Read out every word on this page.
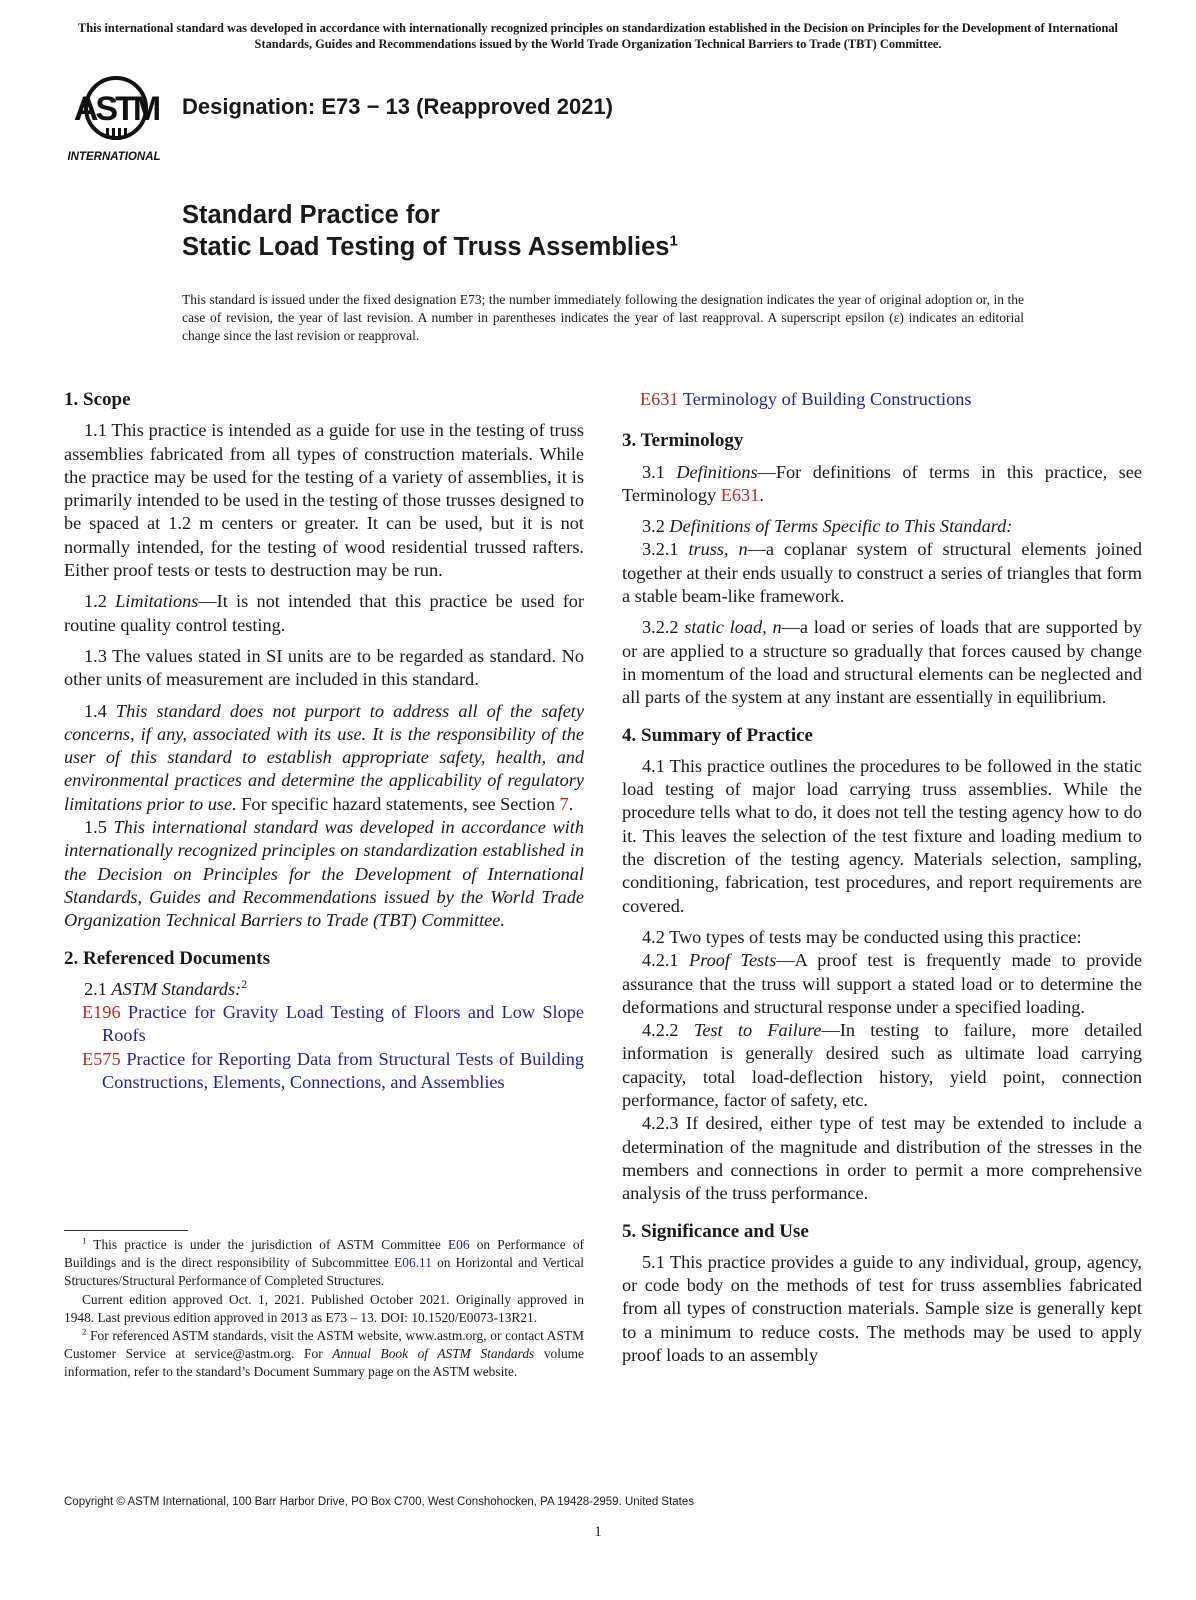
This international standard was developed in accordance with internationally recognized principles on standardization established in the Decision on Principles for the Development of International Standards, Guides and Recommendations issued by the World Trade Organization Technical Barriers to Trade (TBT) Committee.
ASTM
INTERNATIONAL
Designation: E73 − 13 (Reapproved 2021)
Standard Practice for
Static Load Testing of Truss Assemblies$^1$
This standard is issued under the fixed designation E73; the number immediately following the designation indicates the year of original adoption or, in the case of revision, the year of last revision. A number in parentheses indicates the year of last reapproval. A superscript epsilon (ε) indicates an editorial change since the last revision or reapproval.
1. Scope

1.1 This practice is intended as a guide for use in the testing of truss assemblies fabricated from all types of construction materials. While the practice may be used for the testing of a variety of assemblies, it is primarily intended to be used in the testing of those trusses designed to be spaced at 1.2 m centers or greater. It can be used, but it is not normally intended, for the testing of wood residential trussed rafters. Either proof tests or tests to destruction may be run.

1.2 Limitations—It is not intended that this practice be used for routine quality control testing.

1.3 The values stated in SI units are to be regarded as standard. No other units of measurement are included in this standard.

1.4 This standard does not purport to address all of the safety concerns, if any, associated with its use. It is the responsibility of the user of this standard to establish appropriate safety, health, and environmental practices and determine the applicability of regulatory limitations prior to use. For specific hazard statements, see Section 7.

1.5 This international standard was developed in accordance with internationally recognized principles on standardization established in the Decision on Principles for the Development of International Standards, Guides and Recommendations issued by the World Trade Organization Technical Barriers to Trade (TBT) Committee.

2. Referenced Documents

2.1 ASTM Standards:$^2$

E196 Practice for Gravity Load Testing of Floors and Low Slope Roofs

E575 Practice for Reporting Data from Structural Tests of Building Constructions, Elements, Connections, and Assemblies

$^1$ This practice is under the jurisdiction of ASTM Committee E06 on Performance of Buildings and is the direct responsibility of Subcommittee E06.11 on Horizontal and Vertical Structures/Structural Performance of Completed Structures.

Current edition approved Oct. 1, 2021. Published October 2021. Originally approved in 1948. Last previous edition approved in 2013 as E73 – 13. DOI: 10.1520/E0073-13R21.

$^2$ For referenced ASTM standards, visit the ASTM website, www.astm.org, or contact ASTM Customer Service at service@astm.org. For Annual Book of ASTM Standards volume information, refer to the standard’s Document Summary page on the ASTM website.

E631 Terminology of Building Constructions

3. Terminology

3.1 Definitions—For definitions of terms in this practice, see Terminology E631.

3.2 Definitions of Terms Specific to This Standard:

3.2.1 truss, n—a coplanar system of structural elements joined together at their ends usually to construct a series of triangles that form a stable beam-like framework.

3.2.2 static load, n—a load or series of loads that are supported by or are applied to a structure so gradually that forces caused by change in momentum of the load and structural elements can be neglected and all parts of the system at any instant are essentially in equilibrium.

4. Summary of Practice

4.1 This practice outlines the procedures to be followed in the static load testing of major load carrying truss assemblies. While the procedure tells what to do, it does not tell the testing agency how to do it. This leaves the selection of the test fixture and loading medium to the discretion of the testing agency. Materials selection, sampling, conditioning, fabrication, test procedures, and report requirements are covered.

4.2 Two types of tests may be conducted using this practice:

4.2.1 Proof Tests—A proof test is frequently made to provide assurance that the truss will support a stated load or to determine the deformations and structural response under a specified loading.

4.2.2 Test to Failure—In testing to failure, more detailed information is generally desired such as ultimate load carrying capacity, total load-deflection history, yield point, connection performance, factor of safety, etc.

4.2.3 If desired, either type of test may be extended to include a determination of the magnitude and distribution of the stresses in the members and connections in order to permit a more comprehensive analysis of the truss performance.

5. Significance and Use

5.1 This practice provides a guide to any individual, group, agency, or code body on the methods of test for truss assemblies fabricated from all types of construction materials. Sample size is generally kept to a minimum to reduce costs. The methods may be used to apply proof loads to an assembly

Copyright © ASTM International, 100 Barr Harbor Drive, PO Box C700, West Conshohocken, PA 19428-2959. United States
1
